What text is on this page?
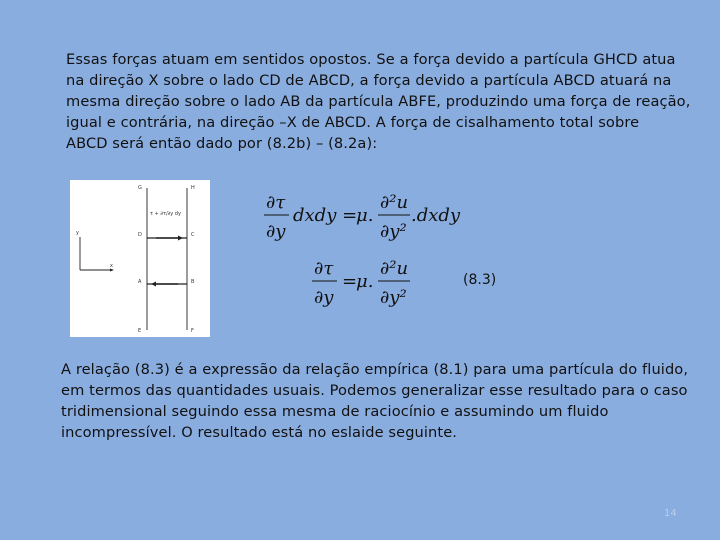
Essas forças atuam em sentidos opostos. Se a força devido a partícula GHCD atua
na direção X sobre o lado CD de ABCD, a força devido a partícula ABCD atuará na
mesma direção sobre o lado AB da partícula ABFE, produzindo uma força de reação,
igual e contrária, na direção –X de ABCD. A força de cisalhamento total sobre
ABCD será então dado por (8.2b) – (8.2a):
τ + ∂τ/∂y dy
G	H
D	C
A	B
E	F
y
x
∂τ
∂y
dxdy =
μ.
∂²u
∂y²
.dxdy
∂τ
∂y
=
μ.
∂²u
∂y²
(8.3)
A relação (8.3) é a expressão da relação empírica (8.1) para uma partícula do fluido,
em termos das quantidades usuais. Podemos generalizar esse resultado para o caso
tridimensional seguindo essa mesma de raciocínio e assumindo um fluido
incompressível. O resultado está no eslaide seguinte.
14
